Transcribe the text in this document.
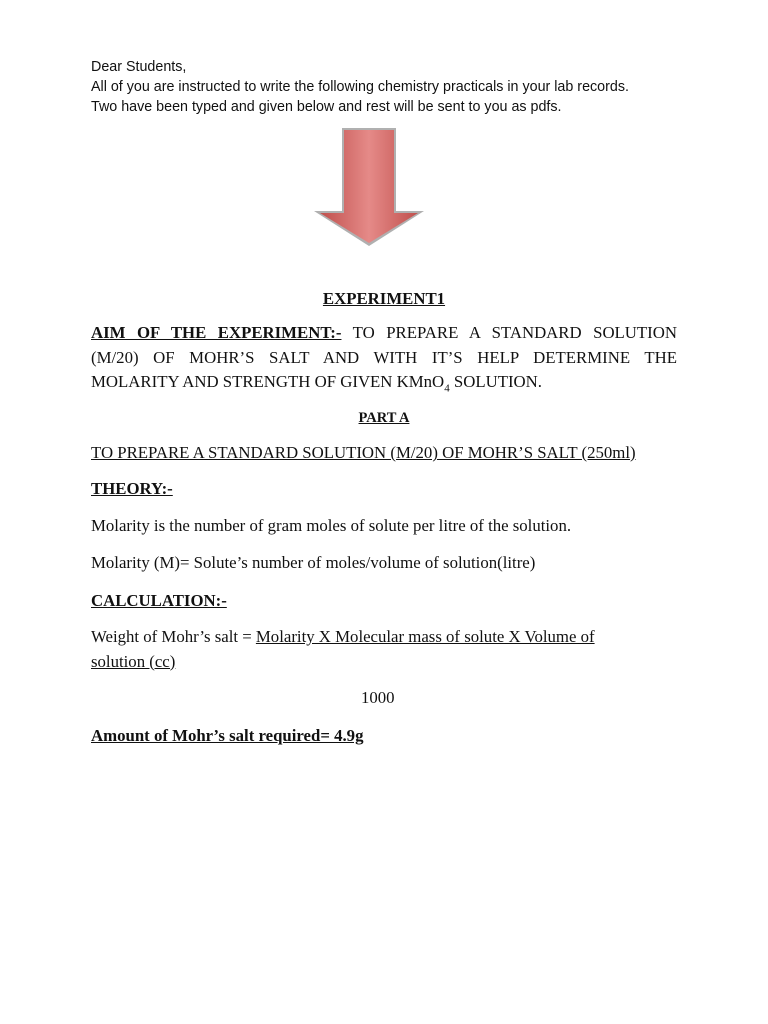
Dear Students,

All of you are instructed to write the following chemistry practicals in your lab records.

Two have been typed and given below and rest will be sent to you as pdfs.

EXPERIMENT1

AIM OF THE EXPERIMENT:- TO PREPARE A STANDARD SOLUTION
(M/20) OF MOHR’S SALT AND WITH IT’S HELP DETERMINE THE
MOLARITY AND STRENGTH OF GIVEN KMnO$_4$ SOLUTION.

PART A

TO PREPARE A STANDARD SOLUTION (M/20) OF MOHR’S SALT (250ml)

THEORY:-

Molarity is the number of gram moles of solute per litre of the solution.

Molarity (M)= Solute’s number of moles/volume of solution(litre)

CALCULATION:-

Weight of Mohr’s salt = Molarity X Molecular mass of solute X Volume of
solution (cc)

1000

Amount of Mohr’s salt required= 4.9g
